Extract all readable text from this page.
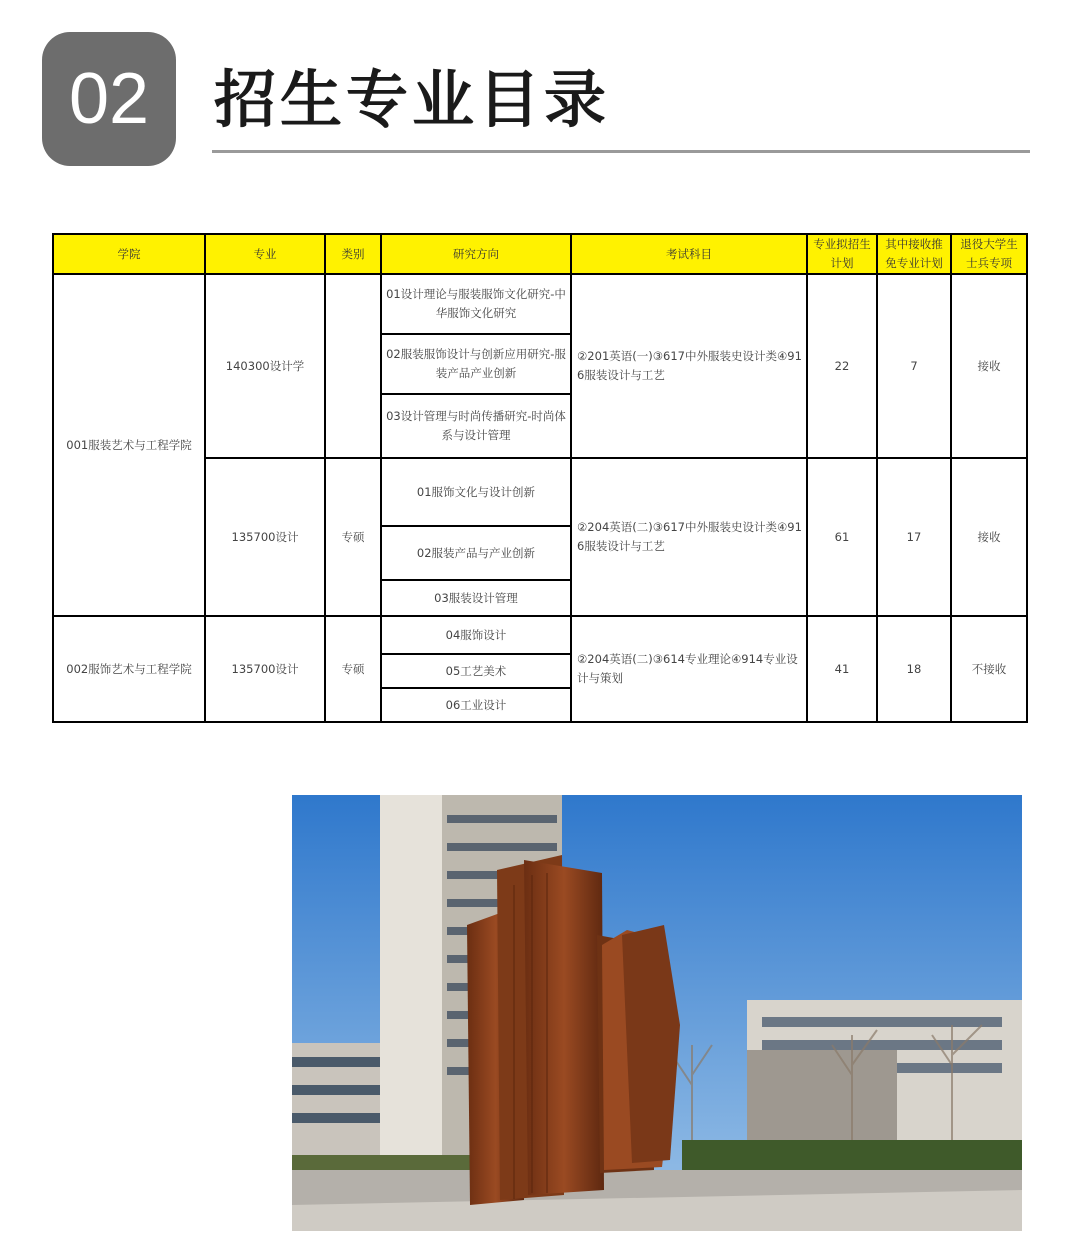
02	招生专业目录
学院	专业	类别	研究方向	考试科目	专业拟招生计划	其中接收推免专业计划	退役大学生士兵专项
001服装艺术与工程学院	140300设计学		01设计理论与服装服饰文化研究-中华服饰文化研究	②201英语(一)③617中外服装史设计类④916服装设计与工艺	22	7	接收
			02服装服饰设计与创新应用研究-服装产品产业创新				
			03设计管理与时尚传播研究-时尚体系与设计管理				
	135700设计	专硕	01服饰文化与设计创新	②204英语(二)③617中外服装史设计类④916服装设计与工艺	61	17	接收
			02服装产品与产业创新				
			03服装设计管理				
002服饰艺术与工程学院	135700设计	专硕	04服饰设计	②204英语(二)③614专业理论④914专业设计与策划	41	18	不接收
			05工艺美术				
			06工业设计				
